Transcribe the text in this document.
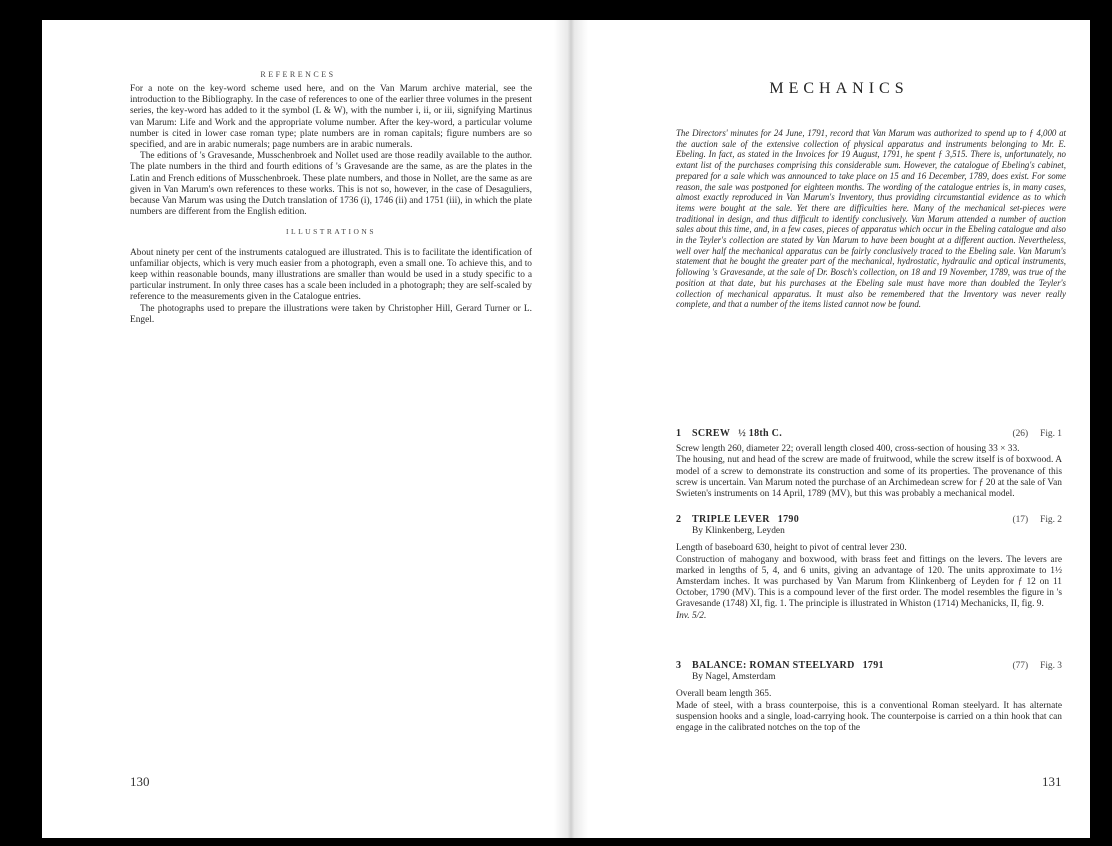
REFERENCES

For a note on the key-word scheme used here, and on the Van Marum archive material, see the introduction to the Bibliography. In the case of references to one of the earlier three volumes in the present series, the key-word has added to it the symbol (L & W), with the number i, ii, or iii, signifying Martinus van Marum: Life and Work and the appropriate volume number. After the key-word, a particular volume number is cited in lower case roman type; plate numbers are in roman capitals; figure numbers are so specified, and are in arabic numerals; page numbers are in arabic numerals.

The editions of 's Gravesande, Musschenbroek and Nollet used are those readily available to the author. The plate numbers in the third and fourth editions of 's Gravesande are the same, as are the plates in the Latin and French editions of Musschenbroek. These plate numbers, and those in Nollet, are the same as are given in Van Marum's own references to these works. This is not so, however, in the case of Desaguliers, because Van Marum was using the Dutch translation of 1736 (i), 1746 (ii) and 1751 (iii), in which the plate numbers are different from the English edition.

ILLUSTRATIONS

About ninety per cent of the instruments catalogued are illustrated. This is to facilitate the identification of unfamiliar objects, which is very much easier from a photograph, even a small one. To achieve this, and to keep within reasonable bounds, many illustrations are smaller than would be used in a study specific to a particular instrument. In only three cases has a scale been included in a photograph; they are self-scaled by reference to the measurements given in the Catalogue entries.

The photographs used to prepare the illustrations were taken by Christopher Hill, Gerard Turner or L. Engel.

130
MECHANICS
The Directors' minutes for 24 June, 1791, record that Van Marum was authorized to spend up to ƒ 4,000 at the auction sale of the extensive collection of physical apparatus and instruments belonging to Mr. E. Ebeling. In fact, as stated in the Invoices for 19 August, 1791, he spent ƒ 3,515. There is, unfortunately, no extant list of the purchases comprising this considerable sum. However, the catalogue of Ebeling's cabinet, prepared for a sale which was announced to take place on 15 and 16 December, 1789, does exist. For some reason, the sale was postponed for eighteen months. The wording of the catalogue entries is, in many cases, almost exactly reproduced in Van Marum's Inventory, thus providing circumstantial evidence as to which items were bought at the sale. Yet there are difficulties here. Many of the mechanical set-pieces were traditional in design, and thus difficult to identify conclusively. Van Marum attended a number of auction sales about this time, and, in a few cases, pieces of apparatus which occur in the Ebeling catalogue and also in the Teyler's collection are stated by Van Marum to have been bought at a different auction. Nevertheless, well over half the mechanical apparatus can be fairly conclusively traced to the Ebeling sale. Van Marum's statement that he bought the greater part of the mechanical, hydrostatic, hydraulic and optical instruments, following 's Gravesande, at the sale of Dr. Bosch's collection, on 18 and 19 November, 1789, was true of the position at that date, but his purchases at the Ebeling sale must have more than doubled the Teyler's collection of mechanical apparatus. It must also be remembered that the Inventory was never really complete, and that a number of the items listed cannot now be found.
1 SCREW ½ 18th C.	(26) Fig. 1

Screw length 260, diameter 22; overall length closed 400, cross-section of housing 33 × 33.

The housing, nut and head of the screw are made of fruitwood, while the screw itself is of boxwood. A model of a screw to demonstrate its construction and some of its properties. The provenance of this screw is uncertain. Van Marum noted the purchase of an Archimedean screw for ƒ 20 at the sale of Van Swieten's instruments on 14 April, 1789 (MV), but this was probably a mechanical model.

2 TRIPLE LEVER 1790	(17) Fig. 2
By Klinkenberg, Leyden

Length of baseboard 630, height to pivot of central lever 230.

Construction of mahogany and boxwood, with brass feet and fittings on the levers. The levers are marked in lengths of 5, 4, and 6 units, giving an advantage of 120. The units approximate to 1½ Amsterdam inches. It was purchased by Van Marum from Klinkenberg of Leyden for ƒ 12 on 11 October, 1790 (MV). This is a compound lever of the first order. The model resembles the figure in 's Gravesande (1748) XI, fig. 1. The principle is illustrated in Whiston (1714) Mechanicks, II, fig. 9.

Inv. 5/2.

3 BALANCE: ROMAN STEELYARD 1791	(77) Fig. 3
By Nagel, Amsterdam

Overall beam length 365.

Made of steel, with a brass counterpoise, this is a conventional Roman steelyard. It has alternate suspension hooks and a single, load-carrying hook. The counterpoise is carried on a thin hook that can engage in the calibrated notches on the top of the

131
